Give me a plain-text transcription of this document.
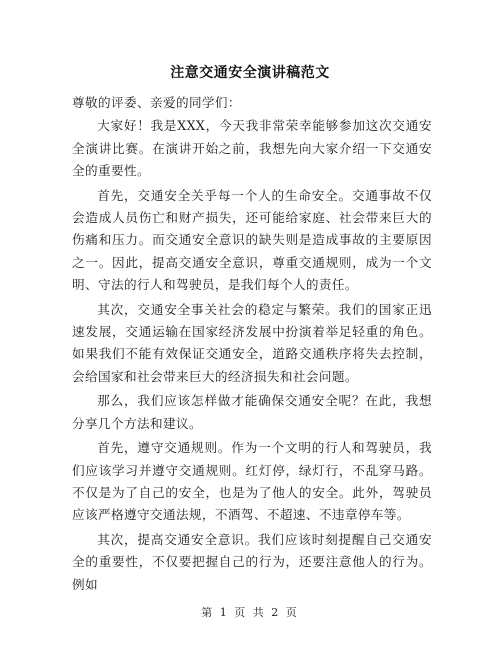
注意交通安全演讲稿范文

尊敬的评委、亲爱的同学们：

大家好！我是XXX，今天我非常荣幸能够参加这次交通安全演讲比赛。在演讲开始之前，我想先向大家介绍一下交通安全的重要性。

首先，交通安全关乎每一个人的生命安全。交通事故不仅会造成人员伤亡和财产损失，还可能给家庭、社会带来巨大的伤痛和压力。而交通安全意识的缺失则是造成事故的主要原因之一。因此，提高交通安全意识，尊重交通规则，成为一个文明、守法的行人和驾驶员，是我们每个人的责任。

其次，交通安全事关社会的稳定与繁荣。我们的国家正迅速发展，交通运输在国家经济发展中扮演着举足轻重的角色。如果我们不能有效保证交通安全，道路交通秩序将失去控制，会给国家和社会带来巨大的经济损失和社会问题。

那么，我们应该怎样做才能确保交通安全呢？在此，我想分享几个方法和建议。

首先，遵守交通规则。作为一个文明的行人和驾驶员，我们应该学习并遵守交通规则。红灯停，绿灯行，不乱穿马路。不仅是为了自己的安全，也是为了他人的安全。此外，驾驶员应该严格遵守交通法规，不酒驾、不超速、不违章停车等。

其次，提高交通安全意识。我们应该时刻提醒自己交通安全的重要性，不仅要把握自己的行为，还要注意他人的行为。例如

第 1 页 共 2 页
